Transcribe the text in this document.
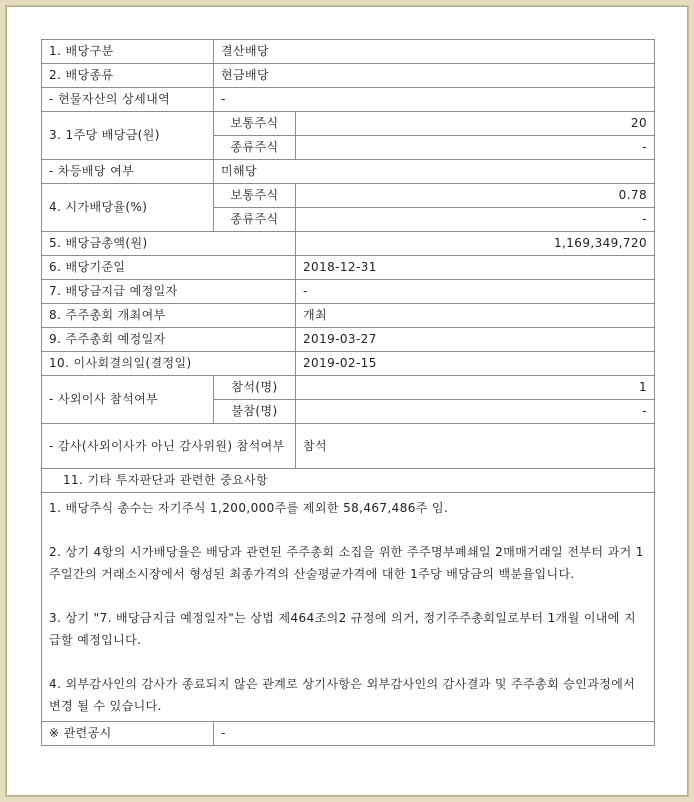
1. 배당구분	결산배당	
2. 배당종류	현금배당	
- 현물자산의 상세내역	-	
3. 1주당 배당금(원)	보통주식	20
	종류주식	-
- 차등배당 여부	미해당	
4. 시가배당율(%)	보통주식	0.78
	종류주식	-
5. 배당금총액(원)		1,169,349,720
6. 배당기준일		2018-12-31
7. 배당금지급 예정일자		-
8. 주주총회 개최여부		개최
9. 주주총회 예정일자		2019-03-27
10. 이사회결의일(결정일)		2019-02-15
- 사외이사 참석여부	참석(명)	1
	불참(명)	-
- 감사(사외이사가 아닌 감사위원) 참석여부		참석
11. 기타 투자판단과 관련한 중요사항		

1. 배당주식 총수는 자기주식 1,200,000주를 제외한 58,467,486주 임.

2. 상기 4항의 시가배당율은 배당과 관련된 주주총회 소집을 위한 주주명부폐쇄일 2매매거래일 전부터 과거 1주일간의 거래소시장에서 형성된 최종가격의 산술평균가격에 대한 1주당 배당금의 백분율입니다.

3. 상기 "7. 배당금지급 예정일자"는 상법 제464조의2 규정에 의거, 정기주주총회일로부터 1개월 이내에 지급할 예정입니다.

4. 외부감사인의 감사가 종료되지 않은 관계로 상기사항은 외부감사인의 감사결과 및 주주총회 승인과정에서 변경 될 수 있습니다.		

※ 관련공시	-	
